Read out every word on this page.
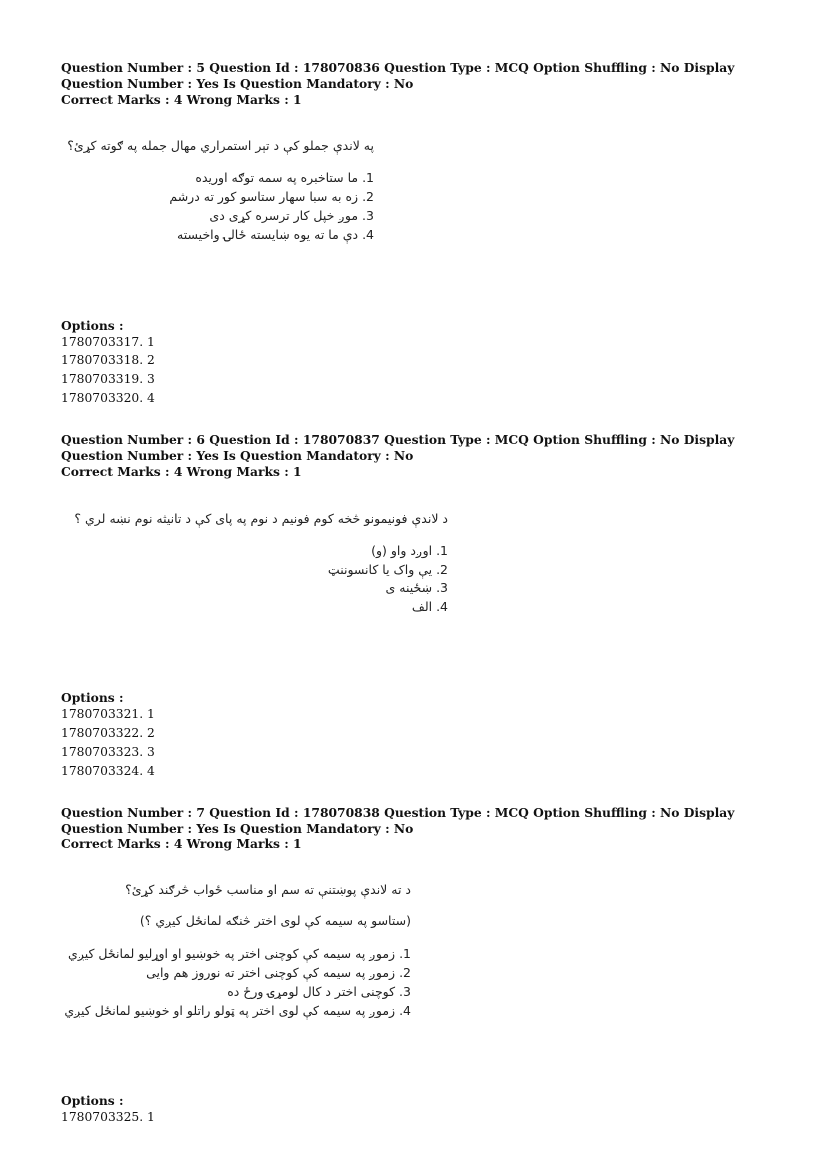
Question Number : 5 Question Id : 178070836 Question Type : MCQ Option Shuffling : No Display Question Number : Yes Is Question Mandatory : No

Correct Marks : 4 Wrong Marks : 1

په لاندې جملو کې د تېر استمراري مهال جمله په ګوته کړئ؟

1. ما ستاخبره په سمه توګه اوریده

2. زه به سبا سهار ستاسو کور ته درشم

3. موږ خپل کار ترسره کړی دی

4. دې ما ته یوه ښایسته ځالۍ واخیسته

Options :

1780703317. 1

1780703318. 2

1780703319. 3

1780703320. 4

Question Number : 6 Question Id : 178070837 Question Type : MCQ Option Shuffling : No Display Question Number : Yes Is Question Mandatory : No

Correct Marks : 4 Wrong Marks : 1

د لاندې فونیمونو څخه کوم فونیم د نوم په پای کې د تانیثه نوم نښه لري ؟

1. اوږد واو (و)

2. یې واک یا کانسوننټ

3. ښځینه ی

4. الف

Options :

1780703321. 1

1780703322. 2

1780703323. 3

1780703324. 4

Question Number : 7 Question Id : 178070838 Question Type : MCQ Option Shuffling : No Display Question Number : Yes Is Question Mandatory : No

Correct Marks : 4 Wrong Marks : 1

د ته لاندې پوښتنې ته سم او مناسب ځواب څرګند کړئ؟

(ستاسو په سیمه کې لوی اختر څنګه لمانځل کیږي ؟)

1. زموږ په سیمه کې کوچنی اختر په خوښیو او اوړلیو لمانځل کیږي

2. زموږ په سیمه کې کوچنی اختر ته نوروز هم وایی

3. کوچنی اختر د کال لومړۍ ورځ ده

4. زموږ په سیمه کې لوی اختر په ټولو راتلو او خوښیو لمانځل کیږي

Options :

1780703325. 1
